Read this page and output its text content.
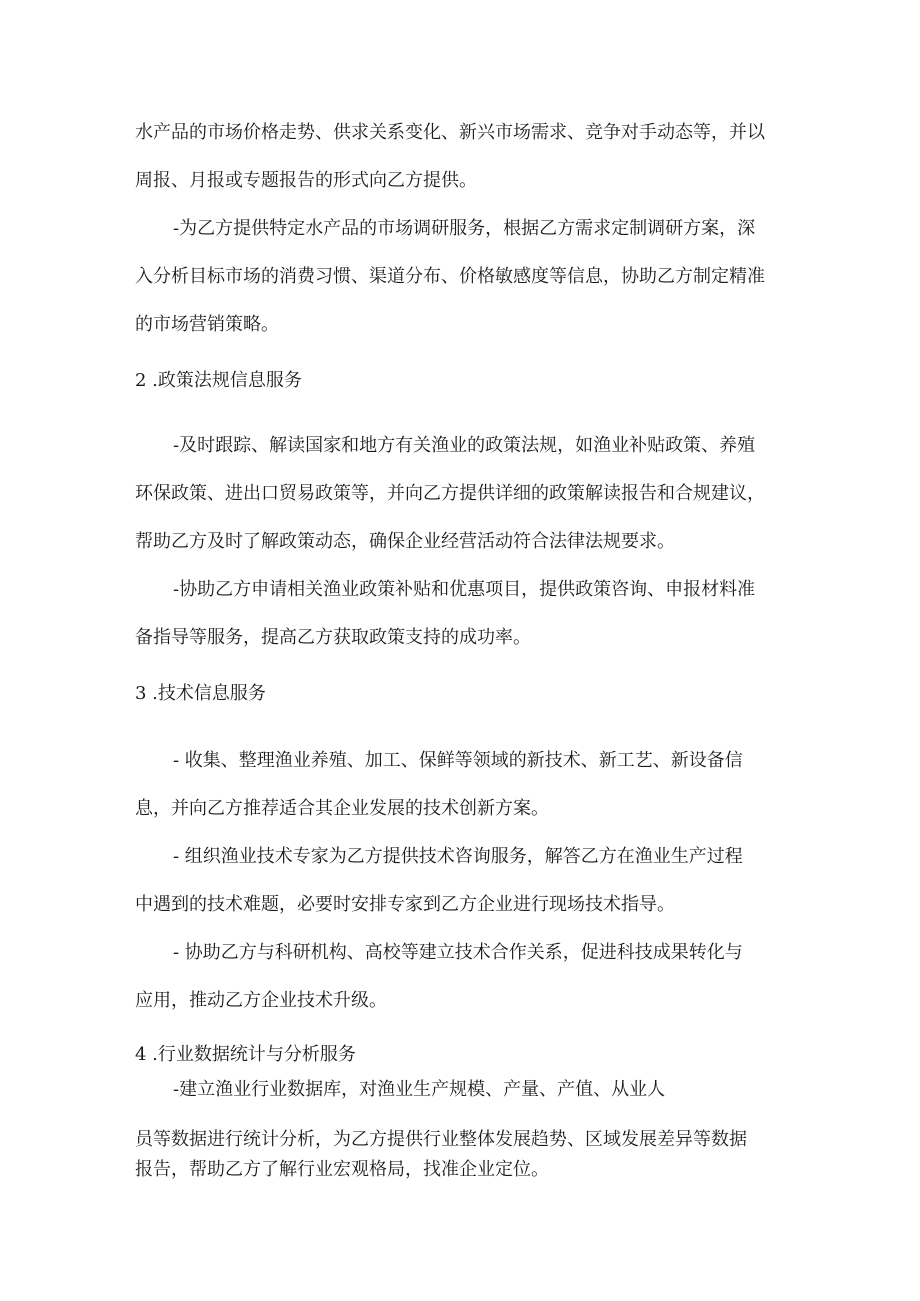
水产品的市场价格走势、供求关系变化、新兴市场需求、竞争对手动态等，并以
周报、月报或专题报告的形式向乙方提供。
-为乙方提供特定水产品的市场调研服务，根据乙方需求定制调研方案，深
入分析目标市场的消费习惯、渠道分布、价格敏感度等信息，协助乙方制定精准
的市场营销策略。
2 .政策法规信息服务
-及时跟踪、解读国家和地方有关渔业的政策法规，如渔业补贴政策、养殖
环保政策、进出口贸易政策等，并向乙方提供详细的政策解读报告和合规建议，
帮助乙方及时了解政策动态，确保企业经营活动符合法律法规要求。
-协助乙方申请相关渔业政策补贴和优惠项目，提供政策咨询、申报材料准
备指导等服务，提高乙方获取政策支持的成功率。
3 .技术信息服务
- 收集、整理渔业养殖、加工、保鲜等领域的新技术、新工艺、新设备信
息，并向乙方推荐适合其企业发展的技术创新方案。
- 组织渔业技术专家为乙方提供技术咨询服务，解答乙方在渔业生产过程
中遇到的技术难题，必要时安排专家到乙方企业进行现场技术指导。
- 协助乙方与科研机构、高校等建立技术合作关系，促进科技成果转化与
应用，推动乙方企业技术升级。
4 .行业数据统计与分析服务
-建立渔业行业数据库，对渔业生产规模、产量、产值、从业人
员等数据进行统计分析，为乙方提供行业整体发展趋势、区域发展差异等数据
报告，帮助乙方了解行业宏观格局，找准企业定位。
